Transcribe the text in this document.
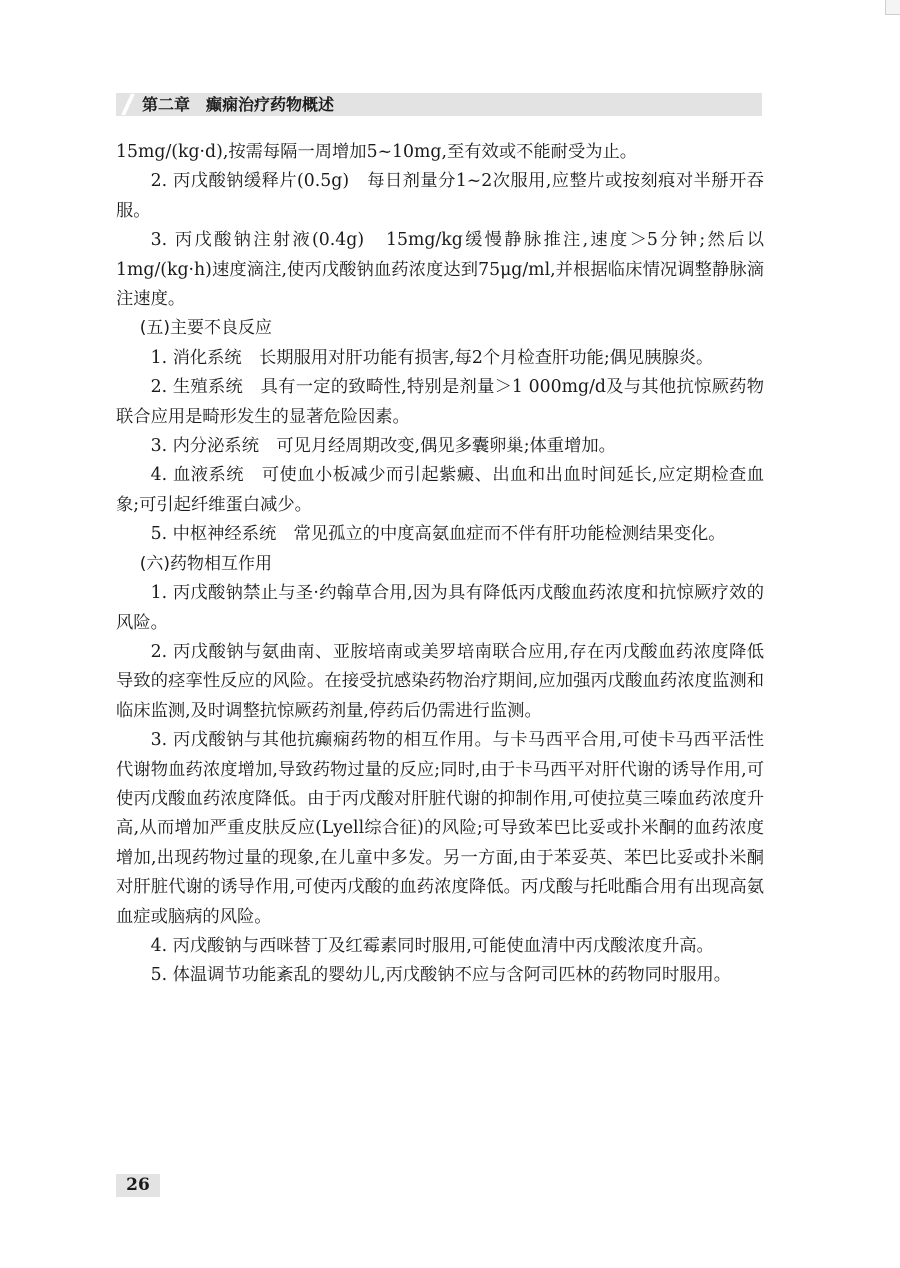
第二章　癫痫治疗药物概述

15mg/(kg·d),按需每隔一周增加5~10mg,至有效或不能耐受为止。

2. 丙戊酸钠缓释片(0.5g)　每日剂量分1~2次服用,应整片或按刻痕对半掰开吞服。

3. 丙戊酸钠注射液(0.4g)　15mg/kg缓慢静脉推注,速度＞5分钟;然后以1mg/(kg·h)速度滴注,使丙戊酸钠血药浓度达到75μg/ml,并根据临床情况调整静脉滴注速度。

(五)主要不良反应

1. 消化系统　长期服用对肝功能有损害,每2个月检查肝功能;偶见胰腺炎。

2. 生殖系统　具有一定的致畸性,特别是剂量＞1 000mg/d及与其他抗惊厥药物联合应用是畸形发生的显著危险因素。

3. 内分泌系统　可见月经周期改变,偶见多囊卵巢;体重增加。

4. 血液系统　可使血小板减少而引起紫癜、出血和出血时间延长,应定期检查血象;可引起纤维蛋白减少。

5. 中枢神经系统　常见孤立的中度高氨血症而不伴有肝功能检测结果变化。

(六)药物相互作用

1. 丙戊酸钠禁止与圣·约翰草合用,因为具有降低丙戊酸血药浓度和抗惊厥疗效的风险。

2. 丙戊酸钠与氨曲南、亚胺培南或美罗培南联合应用,存在丙戊酸血药浓度降低导致的痉挛性反应的风险。在接受抗感染药物治疗期间,应加强丙戊酸血药浓度监测和临床监测,及时调整抗惊厥药剂量,停药后仍需进行监测。

3. 丙戊酸钠与其他抗癫痫药物的相互作用。与卡马西平合用,可使卡马西平活性代谢物血药浓度增加,导致药物过量的反应;同时,由于卡马西平对肝代谢的诱导作用,可使丙戊酸血药浓度降低。由于丙戊酸对肝脏代谢的抑制作用,可使拉莫三嗪血药浓度升高,从而增加严重皮肤反应(Lyell综合征)的风险;可导致苯巴比妥或扑米酮的血药浓度增加,出现药物过量的现象,在儿童中多发。另一方面,由于苯妥英、苯巴比妥或扑米酮对肝脏代谢的诱导作用,可使丙戊酸的血药浓度降低。丙戊酸与托吡酯合用有出现高氨血症或脑病的风险。

4. 丙戊酸钠与西咪替丁及红霉素同时服用,可能使血清中丙戊酸浓度升高。

5. 体温调节功能紊乱的婴幼儿,丙戊酸钠不应与含阿司匹林的药物同时服用。

26
